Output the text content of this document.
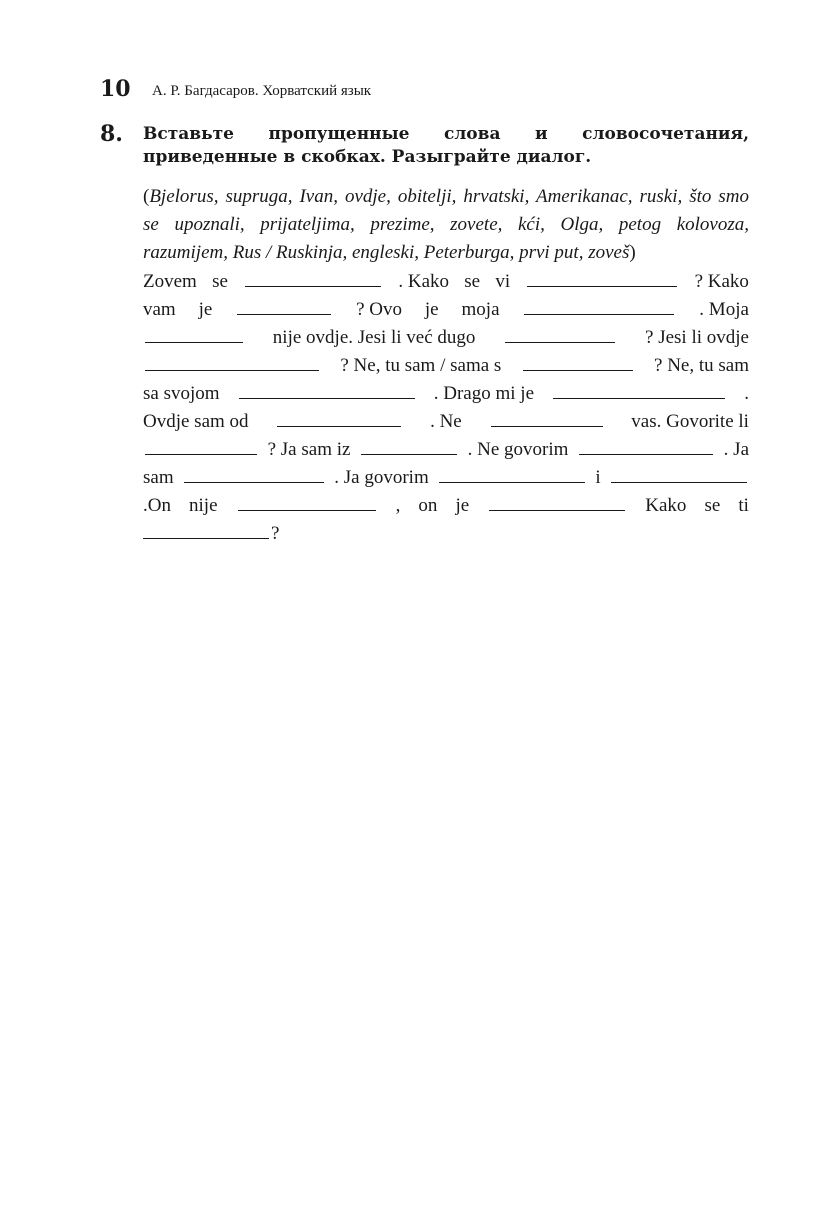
10 А. Р. Багдасаров. Хорватский язык
8. Вставьте пропущенные слова и словосочетания, приведенные в скобках. Разыграйте диалог.
(Bjelorus, supruga, Ivan, ovdje, obitelji, hrvatski, Amerikanac, ruski, što smo se upoznali, prijateljima, prezime, zovete, kći, Olga, petog kolovoza, razumijem, Rus / Ruskinja, engleski, Peterburga, prvi put, zoveš)
Zovem se	. Kako se vi	? Kako
vam je	? Ovo je moja	. Moja
nije ovdje. Jesi li već dugo	? Jesi li ovdje
? Ne, tu sam / sama s	? Ne, tu sam
sa svojom	. Drago mi je	.
Ovdje sam od	. Ne	vas. Govorite li
? Ja sam iz	. Ne govorim	. Ja
sam	. Ja govorim	i
.On nije	, on je	Kako se ti
?
